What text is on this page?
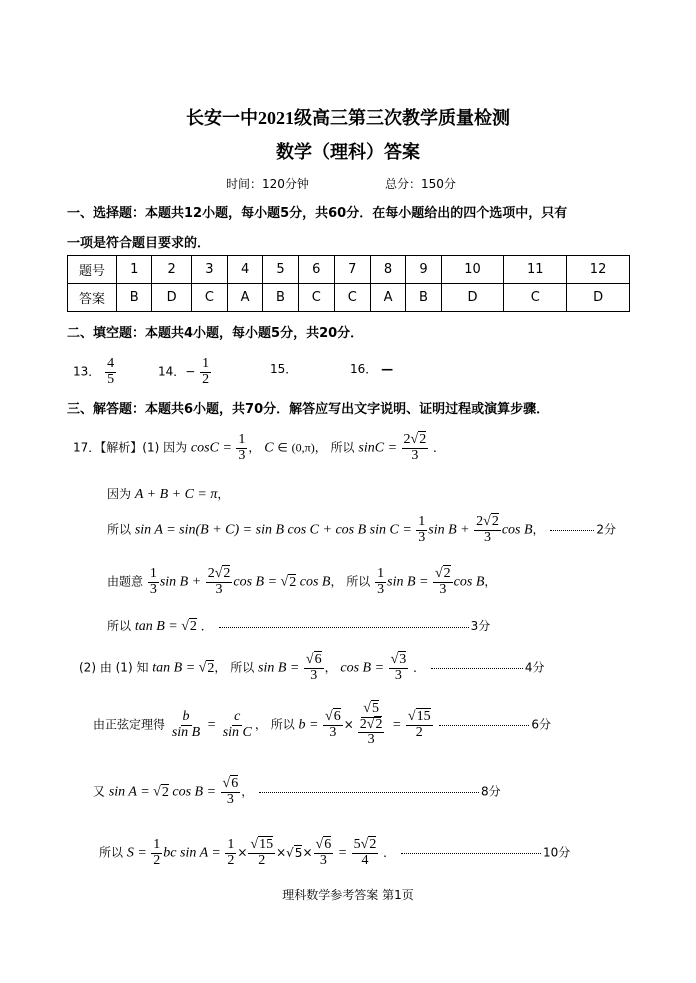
长安一中2021级高三第三次教学质量检测
数学（理科）答案
时间：120分钟	总分：150分
一、选择题：本题共12小题，每小题5分，共60分．在每小题给出的四个选项中，只有
一项是符合题目要求的．
题号	1	2	3	4	5	6	7	8	9	10	11	12
答案	B	D	C	A	B	C	C	A	B	D	C	D
二、填空题：本题共4小题，每小题5分，共20分．
13． $\frac{4}{5}$	14．− $\frac{1}{2}$	15．	16． —
三、解答题：本题共6小题，共70分．解答应写出文字说明、证明过程或演算步骤．
17．【解析】(1) 因为 $\cos C = \frac{1}{3}$ ， C ∈ (0,π)， 所以 $\sin C = \frac{2√2}{3}$ ．
因为 A + B + C = π，
所以 sin A = sin(B + C) = sin B cos C + cos B $\sin C = \frac{1}{3}$ $\sin B + \frac{2√2}{3}$ cos B，	2分
由题意 $\frac{1}{3}$ $\sin B + \frac{2√2}{3}$ cos B = √2 cos B， 所以 $\frac{1}{3}$ $\sin B = \frac{√2}{3}$ cos B，
所以 tan B = √2 ．	3分
(2) 由 (1) 知 tan B = √2， 所以 $\sin B = \frac{√6}{3}$ ， $\cos B = \frac{√3}{3}$ ．	4分
由正弦定理得 $\frac{b}{\text{sin B}} = \frac{c}{\text{sin C}}$ ， 所以 $b = \frac{√6}{3} \times \frac{√5}{\frac{2√2}{3}} = \frac{√15}{2}$	6分
又 sin A = √2 $\cos B = \frac{√6}{3}$ ，	8分
所以 $S = \frac{1}{2}$ bc $\sin A = \frac{1}{2} \times \frac{√15}{2} \times√5\times \frac{√6}{3} = \frac{5√2}{4}$ ．	10分
理科数学参考答案 第1页
